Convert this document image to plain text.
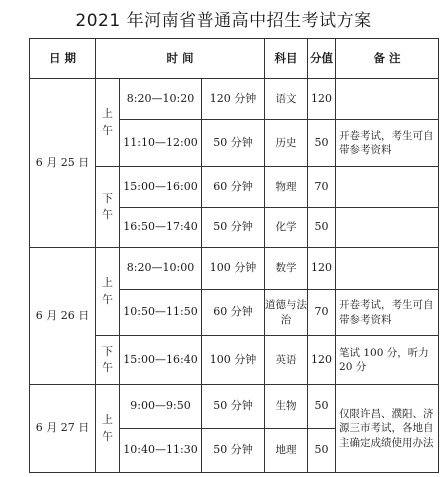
2021 年河南省普通高中招生考试方案
日 期	时 间			科目	分值	备 注
6 月 25 日	上午	8:20—10:20	120 分钟	语文	120	
		11:10—12:00	50 分钟	历史	50	开卷考试，考生可自带参考资料
	下午	15:00—16:00	60 分钟	物理	70	
		16:50—17:40	50 分钟	化学	50	
6 月 26 日	上午	8:20—10:00	100 分钟	数学	120	
		10:50—11:50	60 分钟	道德与法治	70	开卷考试，考生可自带参考资料
	下午	15:00—16:40	100 分钟	英语	120	笔试 100 分，听力 20 分
6 月 27 日	上午	9:00—9:50	50 分钟	生物	50	仅限许昌、濮阳、济源三市考试，各地自主确定成绩使用办法
		10:40—11:30	50 分钟	地理	50	
